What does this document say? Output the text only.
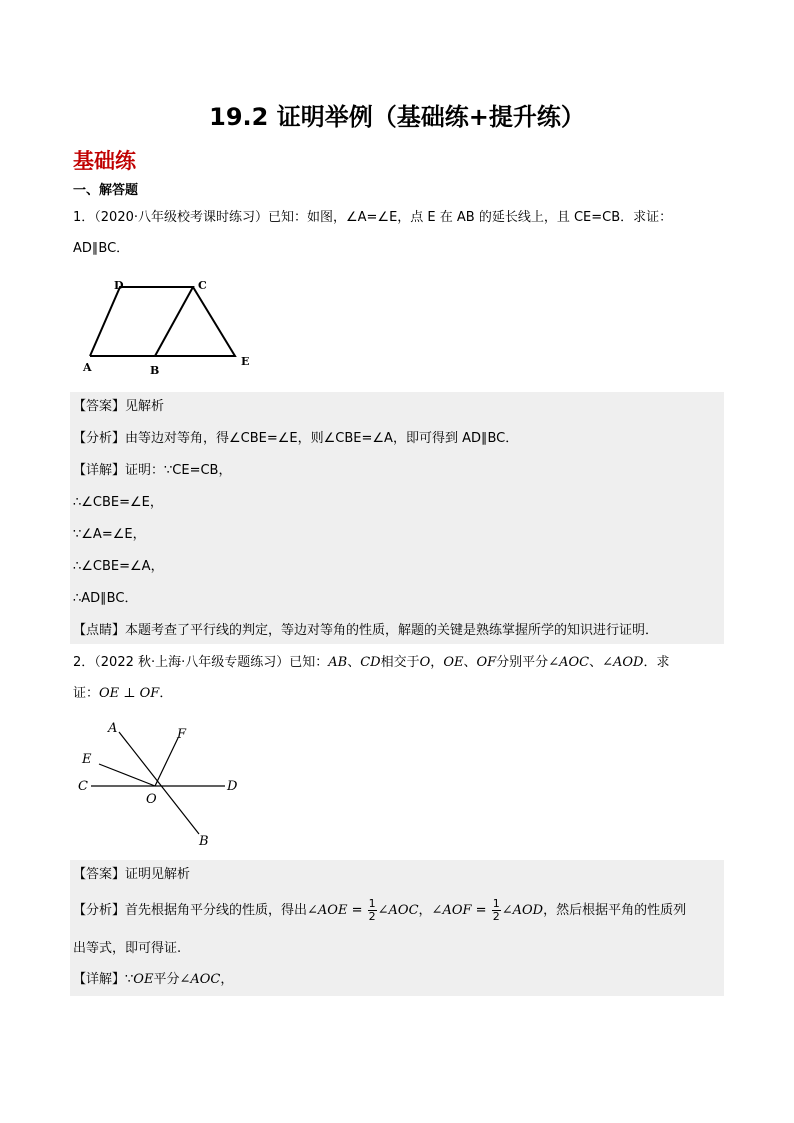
19.2 证明举例（基础练+提升练）
基础练
一、解答题
1．（2020·八年级校考课时练习）已知：如图，∠A=∠E，点 E 在 AB 的延长线上，且 CE=CB．求证：
AD∥BC．
D	C
A	B
E
【答案】见解析
【分析】由等边对等角，得∠CBE=∠E，则∠CBE=∠A，即可得到 AD∥BC．
【详解】证明：∵CE=CB，
∴∠CBE=∠E，
∵∠A=∠E，
∴∠CBE=∠A，
∴AD∥BC．
【点睛】本题考查了平行线的判定，等边对等角的性质，解题的关键是熟练掌握所学的知识进行证明．
2．（2022 秋·上海·八年级专题练习）已知：AB、CD相交于O，OE、OF分别平分∠AOC、∠AOD．求
证：OE ⊥ OF．
A	F
E
C	D
O
B
【答案】证明见解析
【分析】首先根据角平分线的性质，得出∠AOE = $\frac{1}{2}$ ∠AOC，∠AOF = $\frac{1}{2}$ ∠AOD，然后根据平角的性质列
出等式，即可得证.
【详解】∵OE平分∠AOC，
